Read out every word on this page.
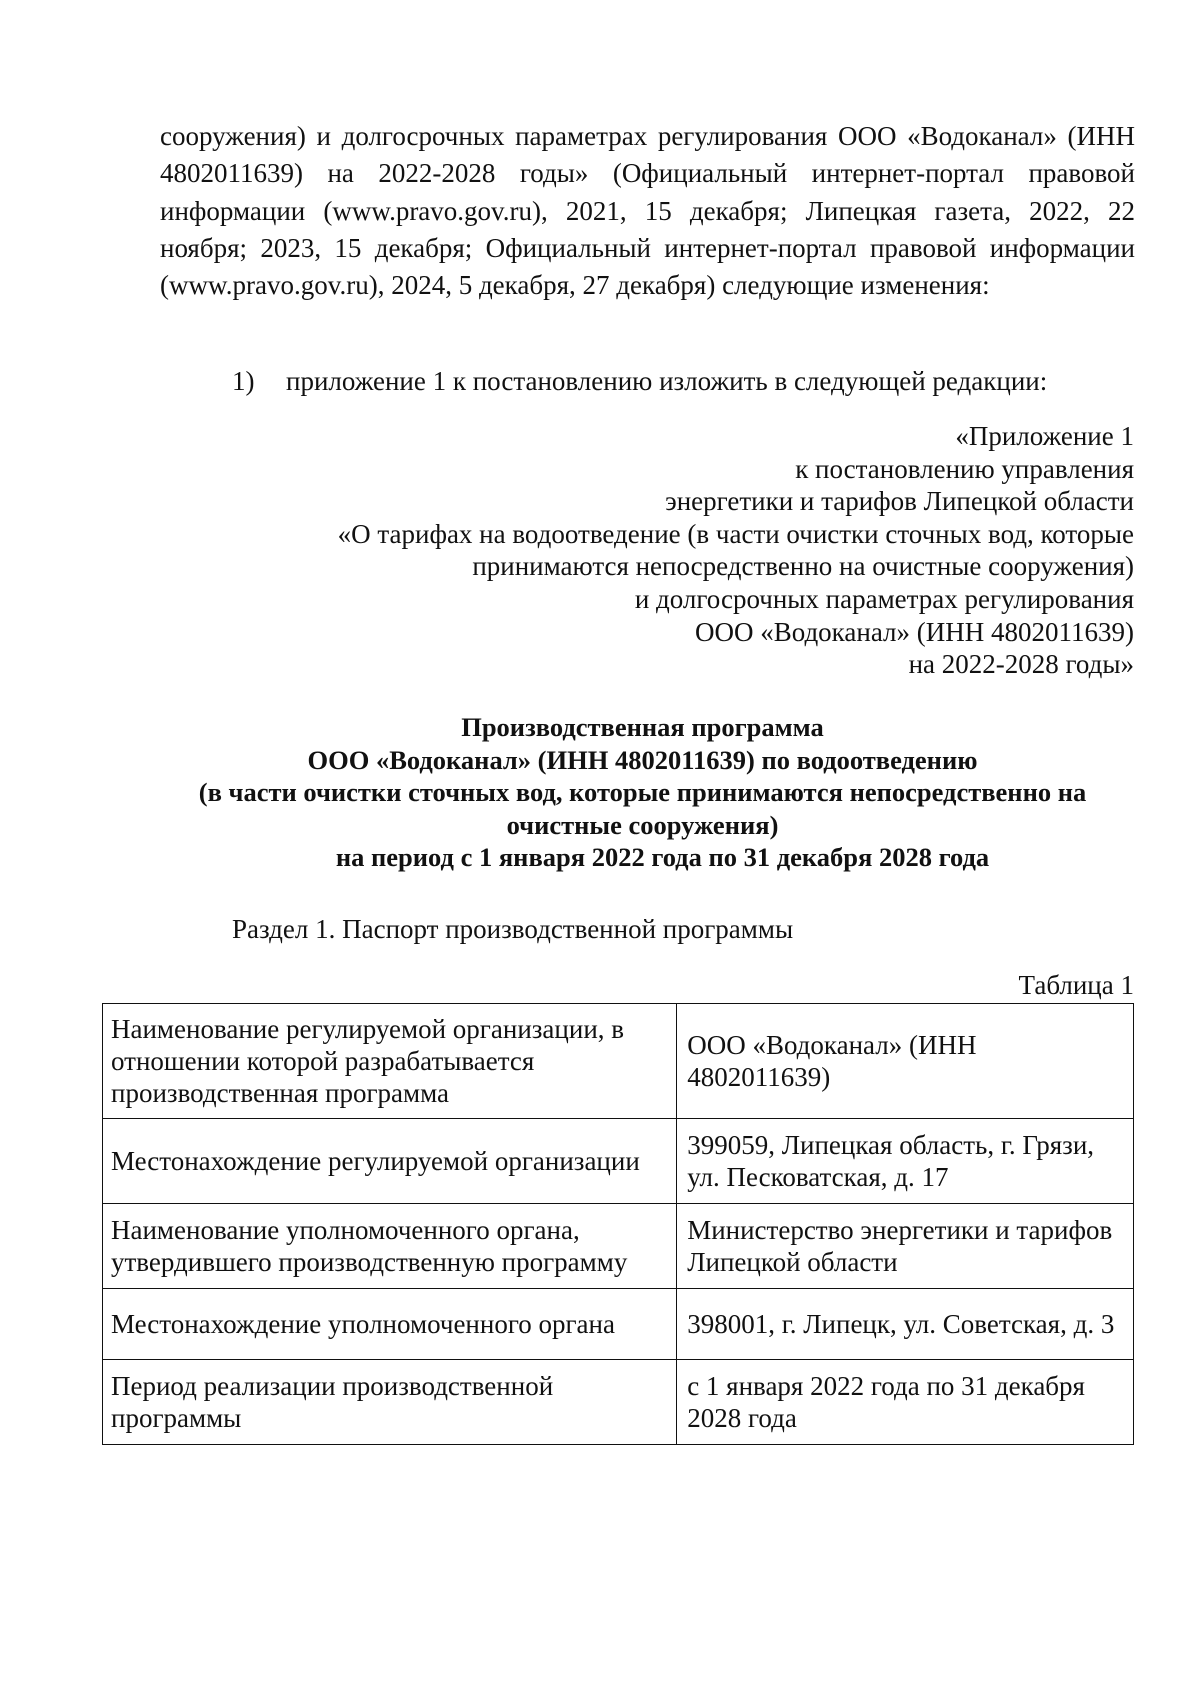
сооружения) и долгосрочных параметрах регулирования ООО «Водоканал» (ИНН 4802011639) на 2022-2028 годы» (Официальный интернет-портал правовой информации (www.pravo.gov.ru), 2021, 15 декабря; Липецкая газета, 2022, 22 ноября; 2023, 15 декабря; Официальный интернет-портал правовой информации (www.pravo.gov.ru), 2024, 5 декабря, 27 декабря) следующие изменения:

1) приложение 1 к постановлению изложить в следующей редакции:

«Приложение 1
к постановлению управления
энергетики и тарифов Липецкой области
«О тарифах на водоотведение (в части очистки сточных вод, которые
принимаются непосредственно на очистные сооружения)
и долгосрочных параметрах регулирования
ООО «Водоканал» (ИНН 4802011639)
на 2022-2028 годы»
Производственная программа
ООО «Водоканал» (ИНН 4802011639) по водоотведению
(в части очистки сточных вод, которые принимаются непосредственно на
очистные сооружения)
на период с 1 января 2022 года по 31 декабря 2028 года

Раздел 1. Паспорт производственной программы

Таблица 1

Наименование регулируемой организации, в отношении которой разрабатывается производственная программа	ООО «Водоканал» (ИНН 4802011639)
Местонахождение регулируемой организации	399059, Липецкая область, г. Грязи, ул. Песковатская, д. 17
Наименование уполномоченного органа, утвердившего производственную программу	Министерство энергетики и тарифов Липецкой области
Местонахождение уполномоченного органа	398001, г. Липецк, ул. Советская, д. 3
Период реализации производственной программы	с 1 января 2022 года по 31 декабря 2028 года
